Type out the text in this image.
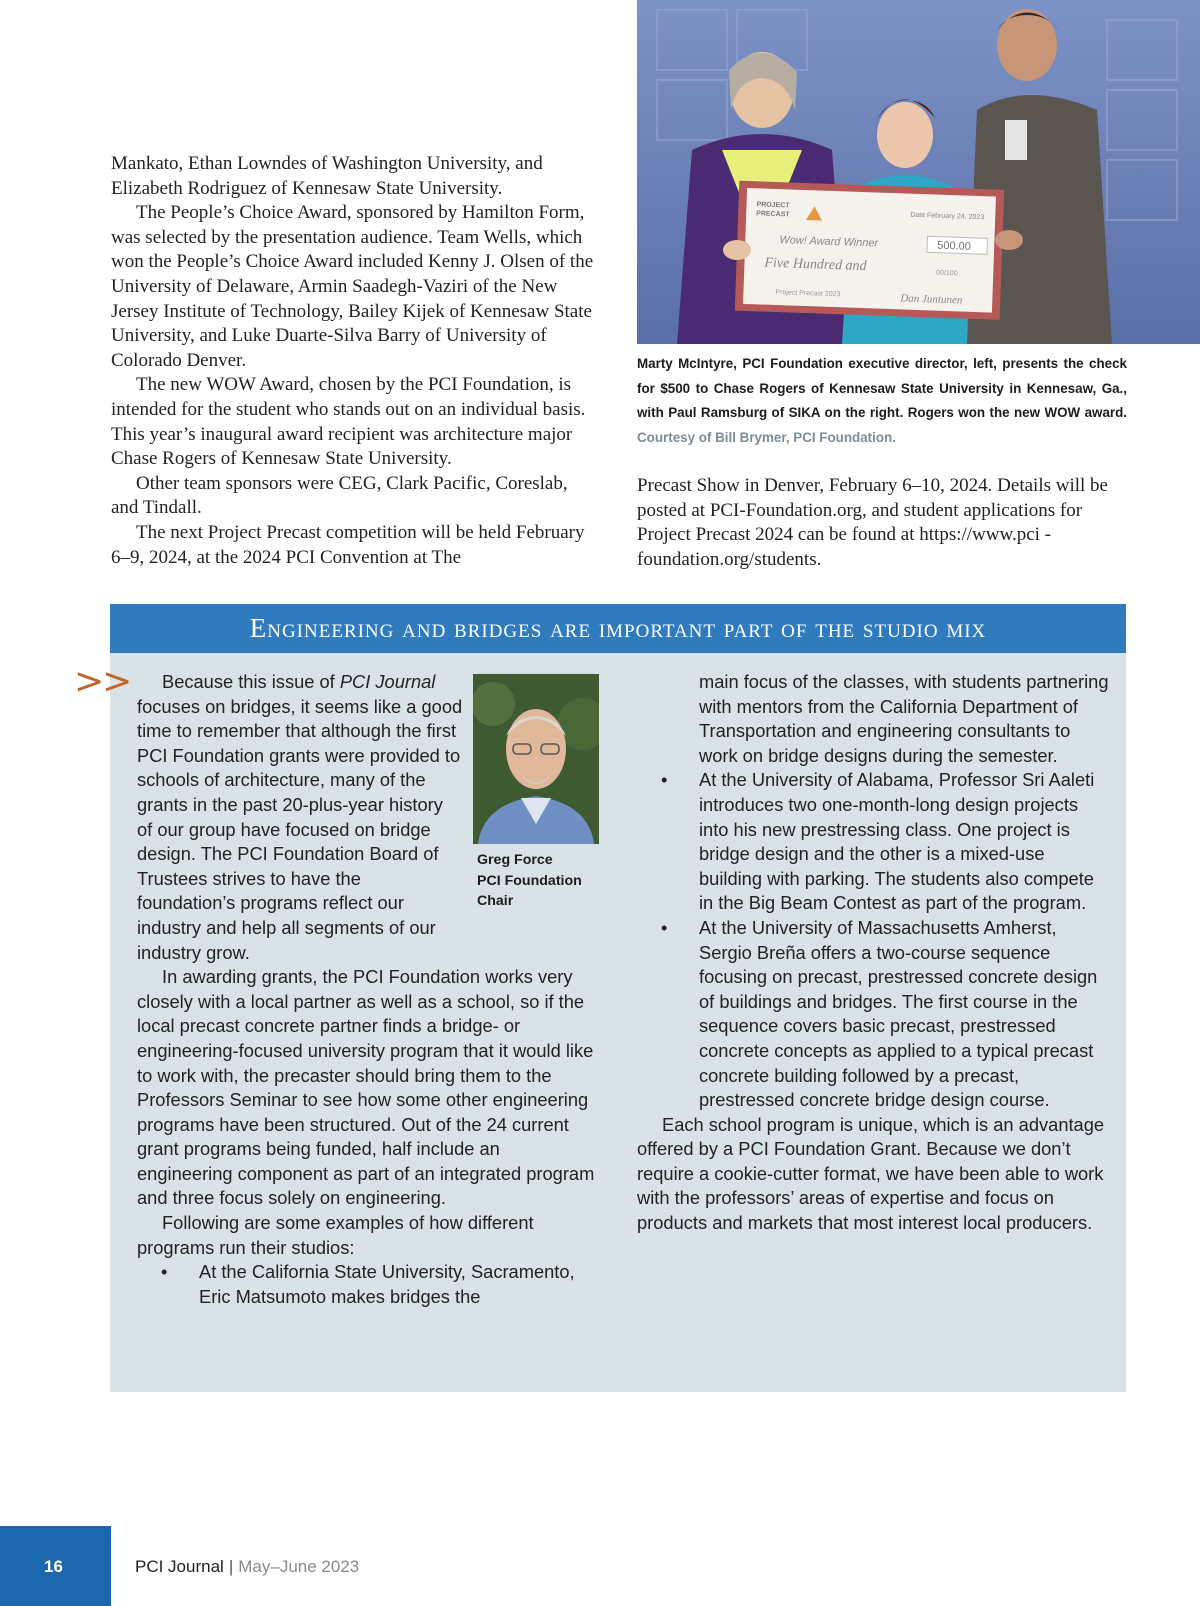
Mankato, Ethan Lowndes of Washington University, and Elizabeth Rodriguez of Kennesaw State University.

The People’s Choice Award, sponsored by Hamilton Form, was selected by the presentation audience. Team Wells, which won the People’s Choice Award included Kenny J. Olsen of the University of Delaware, Armin Saadegh-Vaziri of the New Jersey Institute of Technology, Bailey Kijek of Kennesaw State University, and Luke Duarte-Silva Barry of University of Colorado Denver.

The new WOW Award, chosen by the PCI Foundation, is intended for the student who stands out on an individual basis. This year’s inaugural award recipient was architecture major Chase Rogers of Kennesaw State University.

Other team sponsors were CEG, Clark Pacific, Coreslab, and Tindall.

The next Project Precast competition will be held February 6–9, 2024, at the 2024 PCI Convention at The

PROJECT
PRECAST	Date February 24, 2023
Wow! Award Winner	500.00
Five Hundred and	00/100
Project Precast 2023	Dan Juntunen
Marty McIntyre, PCI Foundation executive director, left, presents the check for $500 to Chase Rogers of Kennesaw State University in Kennesaw, Ga., with Paul Ramsburg of SIKA on the right. Rogers won the new WOW award. Courtesy of Bill Brymer, PCI Foundation.

Precast Show in Denver, February 6–10, 2024. Details will be posted at PCI-Foundation.org, and student applications for Project Precast 2024 can be found at https://www.pci -foundation.org/students.

Engineering and bridges are important part of the studio mix
>>
Greg Force
PCI Foundation Chair

Because this issue of PCI Journal focuses on bridges, it seems like a good time to remember that although the first PCI Foundation grants were provided to schools of architecture, many of the grants in the past 20-plus-year history of our group have focused on bridge design. The PCI Foundation Board of Trustees strives to have the foundation’s programs reflect our industry and help all segments of our industry grow.

In awarding grants, the PCI Foundation works very closely with a local partner as well as a school, so if the local precast concrete partner finds a bridge- or engineering-focused university program that it would like to work with, the precaster should bring them to the Professors Seminar to see how some other engineering programs have been structured. Out of the 24 current grant programs being funded, half include an engineering component as part of an integrated program and three focus solely on engineering.

Following are some examples of how different programs run their studios:

• At the California State University, Sacramento, Eric Matsumoto makes bridges the

main focus of the classes, with students partnering with mentors from the California Department of Transportation and engineering consultants to work on bridge designs during the semester.

• At the University of Alabama, Professor Sri Aaleti introduces two one-month-long design projects into his new prestressing class. One project is bridge design and the other is a mixed-use building with parking. The students also compete in the Big Beam Contest as part of the program.

• At the University of Massachusetts Amherst, Sergio Breña offers a two-course sequence focusing on precast, prestressed concrete design of buildings and bridges. The first course in the sequence covers basic precast, prestressed concrete concepts as applied to a typical precast concrete building followed by a precast, prestressed concrete bridge design course.

Each school program is unique, which is an advantage offered by a PCI Foundation Grant. Because we don’t require a cookie-cutter format, we have been able to work with the professors’ areas of expertise and focus on products and markets that most interest local producers.

16	PCI Journal | May–June 2023
